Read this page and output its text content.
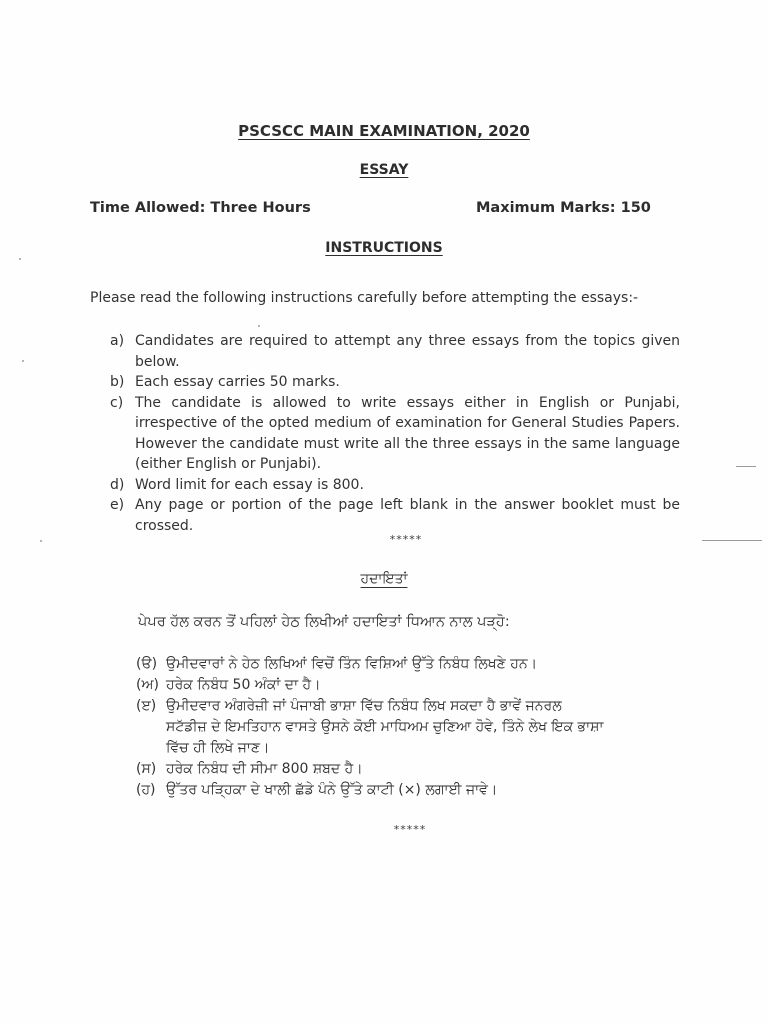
PSCSCC MAIN EXAMINATION, 2020
ESSAY
Time Allowed: Three Hours	Maximum Marks: 150
INSTRUCTIONS
Please read the following instructions carefully before attempting the essays:-
a) Candidates are required to attempt any three essays from the topics given below.
b) Each essay carries 50 marks.
c) The candidate is allowed to write essays either in English or Punjabi, irrespective of the opted medium of examination for General Studies Papers. However the candidate must write all the three essays in the same language (either English or Punjabi).
d) Word limit for each essay is 800.
e) Any page or portion of the page left blank in the answer booklet must be crossed.
*****
ਹਦਾਇਤਾਂ
ਪੇਪਰ ਹੱਲ ਕਰਨ ਤੋਂ ਪਹਿਲਾਂ ਹੇਠ ਲਿਖੀਆਂ ਹਦਾਇਤਾਂ ਧਿਆਨ ਨਾਲ ਪੜ੍ਹੋ:
(ੳ) ਉਮੀਦਵਾਰਾਂ ਨੇ ਹੇਠ ਲਿਖਿਆਂ ਵਿਚੋਂ ਤਿੰਨ ਵਿਸ਼ਿਆਂ ਉੱਤੇ ਨਿਬੰਧ ਲਿਖਣੇ ਹਨ।
(ਅ) ਹਰੇਕ ਨਿਬੰਧ 50 ਅੰਕਾਂ ਦਾ ਹੈ।
(ੲ) ਉਮੀਦਵਾਰ ਅੰਗਰੇਜ਼ੀ ਜਾਂ ਪੰਜਾਬੀ ਭਾਸ਼ਾ ਵਿੱਚ ਨਿਬੰਧ ਲਿਖ ਸਕਦਾ ਹੈ ਭਾਵੇਂ ਜਨਰਲ ਸਟੱਡੀਜ਼ ਦੇ ਇਮਤਿਹਾਨ ਵਾਸਤੇ ਉਸਨੇ ਕੋਈ ਮਾਧਿਅਮ ਚੁਣਿਆ ਹੋਵੇ, ਤਿੰਨੇ ਲੇਖ ਇਕ ਭਾਸ਼ਾ ਵਿੱਚ ਹੀ ਲਿਖੇ ਜਾਣ।
(ਸ) ਹਰੇਕ ਨਿਬੰਧ ਦੀ ਸੀਮਾ 800 ਸ਼ਬਦ ਹੈ।
(ਹ) ਉੱਤਰ ਪੜ੍ਹਿਕਾ ਦੇ ਖਾਲੀ ਛੱਡੇ ਪੰਨੇ ਉੱਤੇ ਕਾਟੀ (×) ਲਗਾਈ ਜਾਵੇ।
*****
